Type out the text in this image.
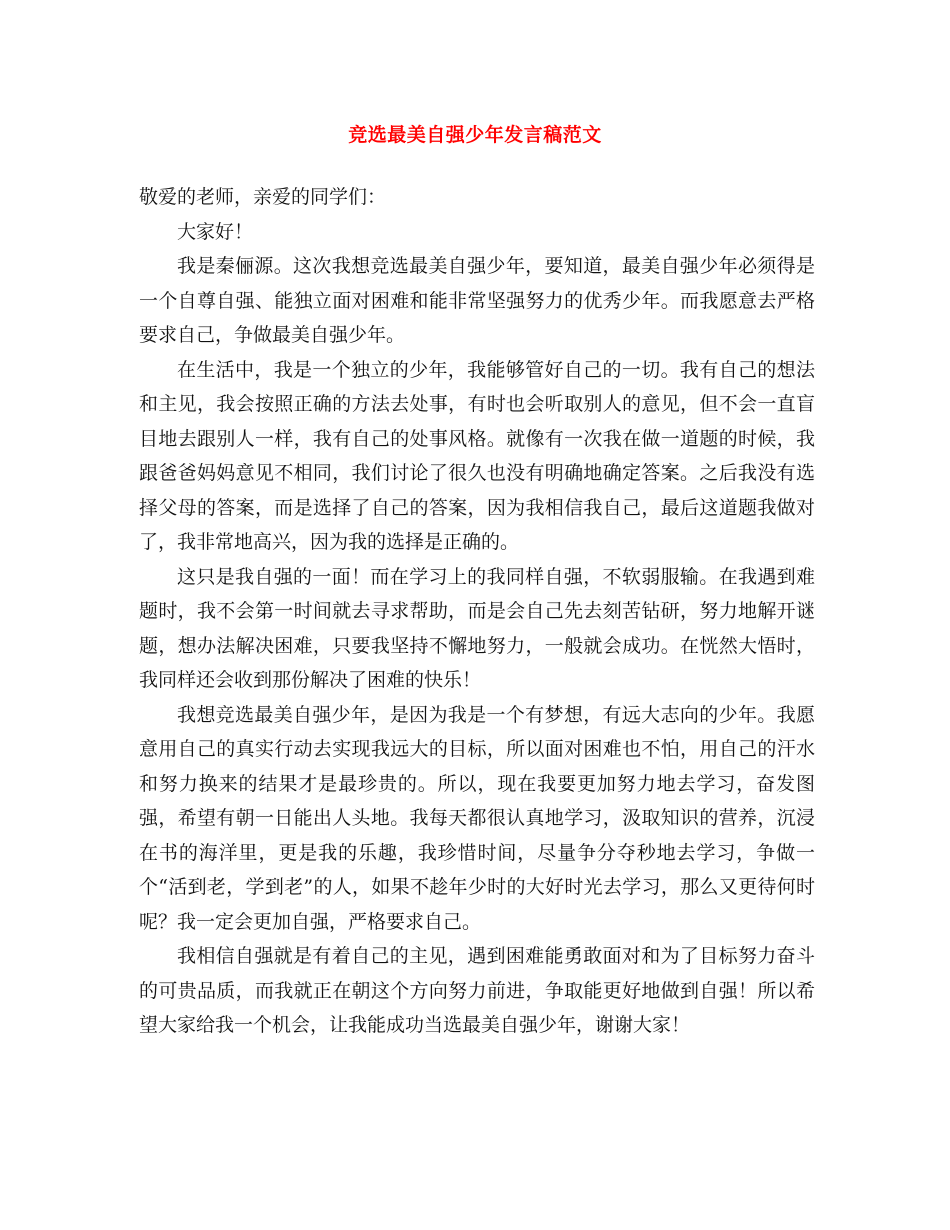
竞选最美自强少年发言稿范文

敬爱的老师，亲爱的同学们：

大家好！

我是秦俪源。这次我想竞选最美自强少年，要知道，最美自强少年必须得是一个自尊自强、能独立面对困难和能非常坚强努力的优秀少年。而我愿意去严格要求自己，争做最美自强少年。

在生活中，我是一个独立的少年，我能够管好自己的一切。我有自己的想法和主见，我会按照正确的方法去处事，有时也会听取别人的意见，但不会一直盲目地去跟别人一样，我有自己的处事风格。就像有一次我在做一道题的时候，我跟爸爸妈妈意见不相同，我们讨论了很久也没有明确地确定答案。之后我没有选择父母的答案，而是选择了自己的答案，因为我相信我自己，最后这道题我做对了，我非常地高兴，因为我的选择是正确的。

这只是我自强的一面！而在学习上的我同样自强，不软弱服输。在我遇到难题时，我不会第一时间就去寻求帮助，而是会自己先去刻苦钻研，努力地解开谜题，想办法解决困难，只要我坚持不懈地努力，一般就会成功。在恍然大悟时，我同样还会收到那份解决了困难的快乐！

我想竞选最美自强少年，是因为我是一个有梦想，有远大志向的少年。我愿意用自己的真实行动去实现我远大的目标，所以面对困难也不怕，用自己的汗水和努力换来的结果才是最珍贵的。所以，现在我要更加努力地去学习，奋发图强，希望有朝一日能出人头地。我每天都很认真地学习，汲取知识的营养，沉浸在书的海洋里，更是我的乐趣，我珍惜时间，尽量争分夺秒地去学习，争做一个“活到老，学到老”的人，如果不趁年少时的大好时光去学习，那么又更待何时呢？我一定会更加自强，严格要求自己。

我相信自强就是有着自己的主见，遇到困难能勇敢面对和为了目标努力奋斗的可贵品质，而我就正在朝这个方向努力前进，争取能更好地做到自强！所以希望大家给我一个机会，让我能成功当选最美自强少年，谢谢大家！
